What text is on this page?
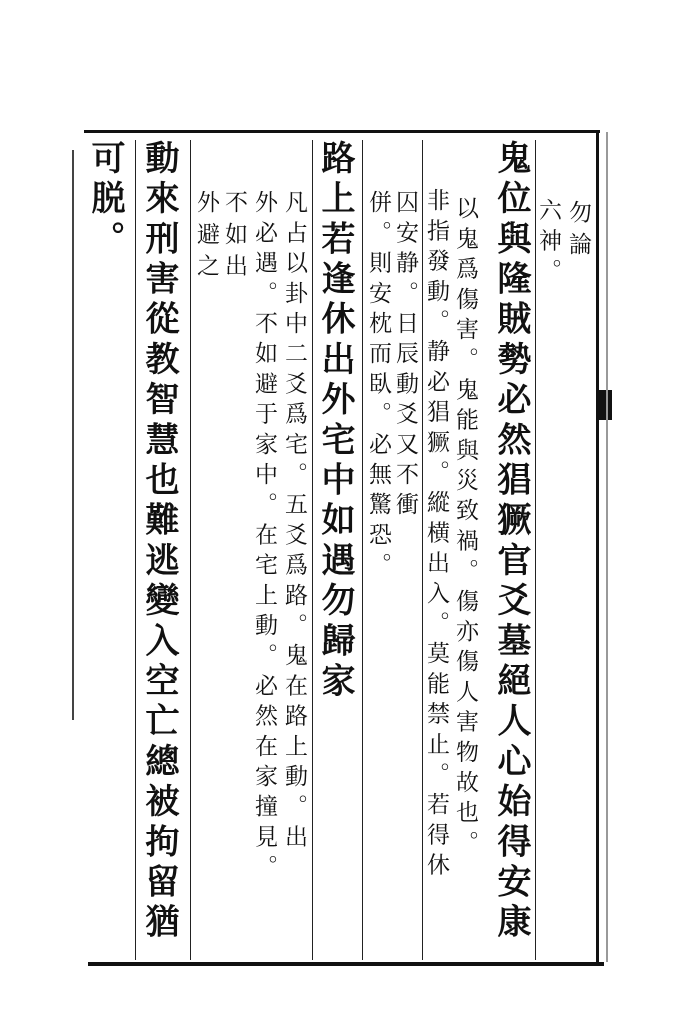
勿論

六神。

鬼位與隆賊勢必然猖獗官爻墓絕人心始得安康

以鬼爲傷害。鬼能與災致禍。傷亦傷人害物故也。

非指發動。静必猖獗。縱横出入。莫能禁止。若得休

囚安静。日辰動爻又不衝

併。則安枕而臥。必無驚恐。

路上若逢休出外宅中如遇勿歸家

凡占以卦中二爻爲宅。五爻爲路。鬼在路上動。出

外必遇。不如避于家中。在宅上動。必然在家撞見。

不如出

外避之

動來刑害從教智慧也難逃變入空亡總被拘留猶

可脱。
